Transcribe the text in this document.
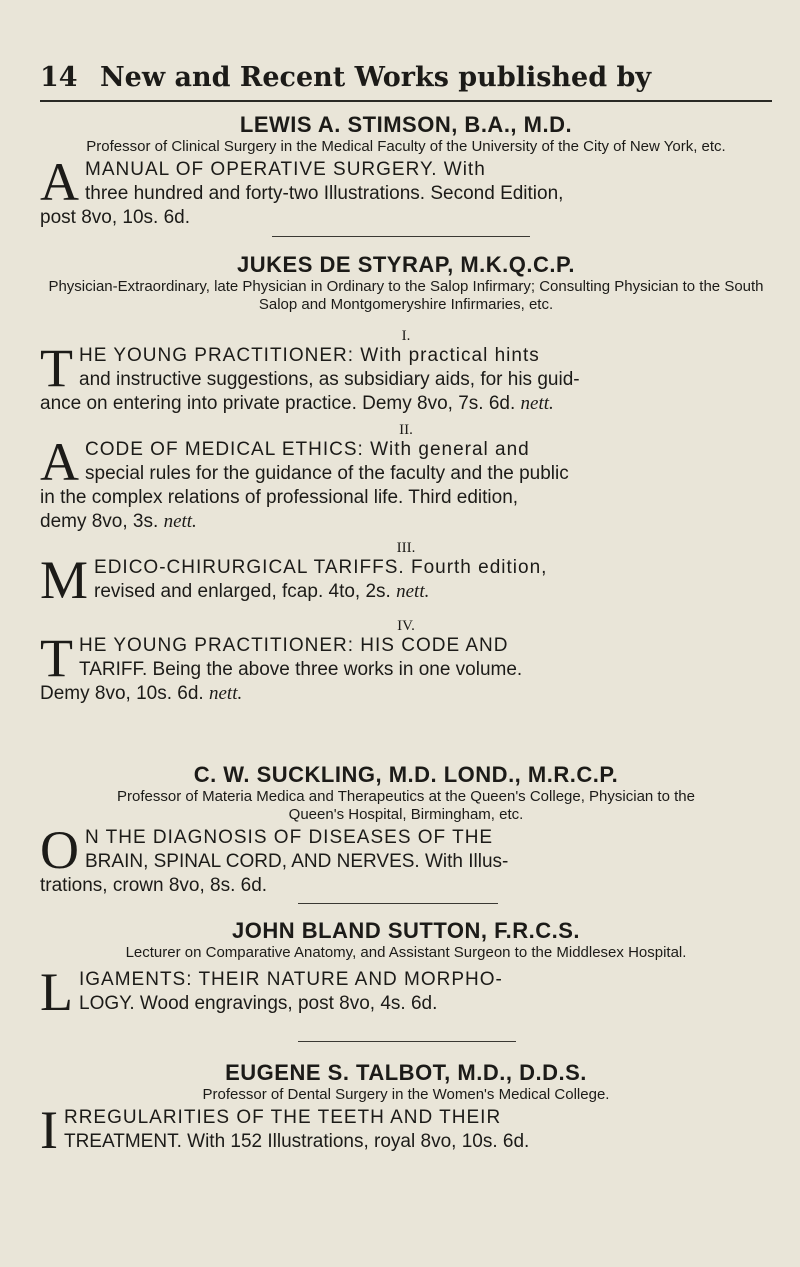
14 New and Recent Works published by
LEWIS A. STIMSON, B.A., M.D.
Professor of Clinical Surgery in the Medical Faculty of the University of the City of New York, etc.
A MANUAL OF OPERATIVE SURGERY. With
three hundred and forty-two Illustrations. Second Edition,
post 8vo, 10s. 6d.
JUKES DE STYRAP, M.K.Q.C.P.
Physician-Extraordinary, late Physician in Ordinary to the Salop Infirmary; Consulting Physician to the South Salop and Montgomeryshire Infirmaries, etc.
I.
T HE YOUNG PRACTITIONER: With practical hints
and instructive suggestions, as subsidiary aids, for his guid-
ance on entering into private practice. Demy 8vo, 7s. 6d. nett.
II.
A CODE OF MEDICAL ETHICS: With general and
special rules for the guidance of the faculty and the public
in the complex relations of professional life. Third edition,
demy 8vo, 3s. nett.
III.
M EDICO-CHIRURGICAL TARIFFS. Fourth edition,
revised and enlarged, fcap. 4to, 2s. nett.
IV.
T HE YOUNG PRACTITIONER: HIS CODE AND
TARIFF. Being the above three works in one volume.
Demy 8vo, 10s. 6d. nett.
C. W. SUCKLING, M.D. LOND., M.R.C.P.
Professor of Materia Medica and Therapeutics at the Queen's College, Physician to the Queen's Hospital, Birmingham, etc.
O N THE DIAGNOSIS OF DISEASES OF THE
BRAIN, SPINAL CORD, AND NERVES. With Illus-
trations, crown 8vo, 8s. 6d.
JOHN BLAND SUTTON, F.R.C.S.
Lecturer on Comparative Anatomy, and Assistant Surgeon to the Middlesex Hospital.
L IGAMENTS: THEIR NATURE AND MORPHO-
LOGY. Wood engravings, post 8vo, 4s. 6d.
EUGENE S. TALBOT, M.D., D.D.S.
Professor of Dental Surgery in the Women's Medical College.
I RREGULARITIES OF THE TEETH AND THEIR
TREATMENT. With 152 Illustrations, royal 8vo, 10s. 6d.
